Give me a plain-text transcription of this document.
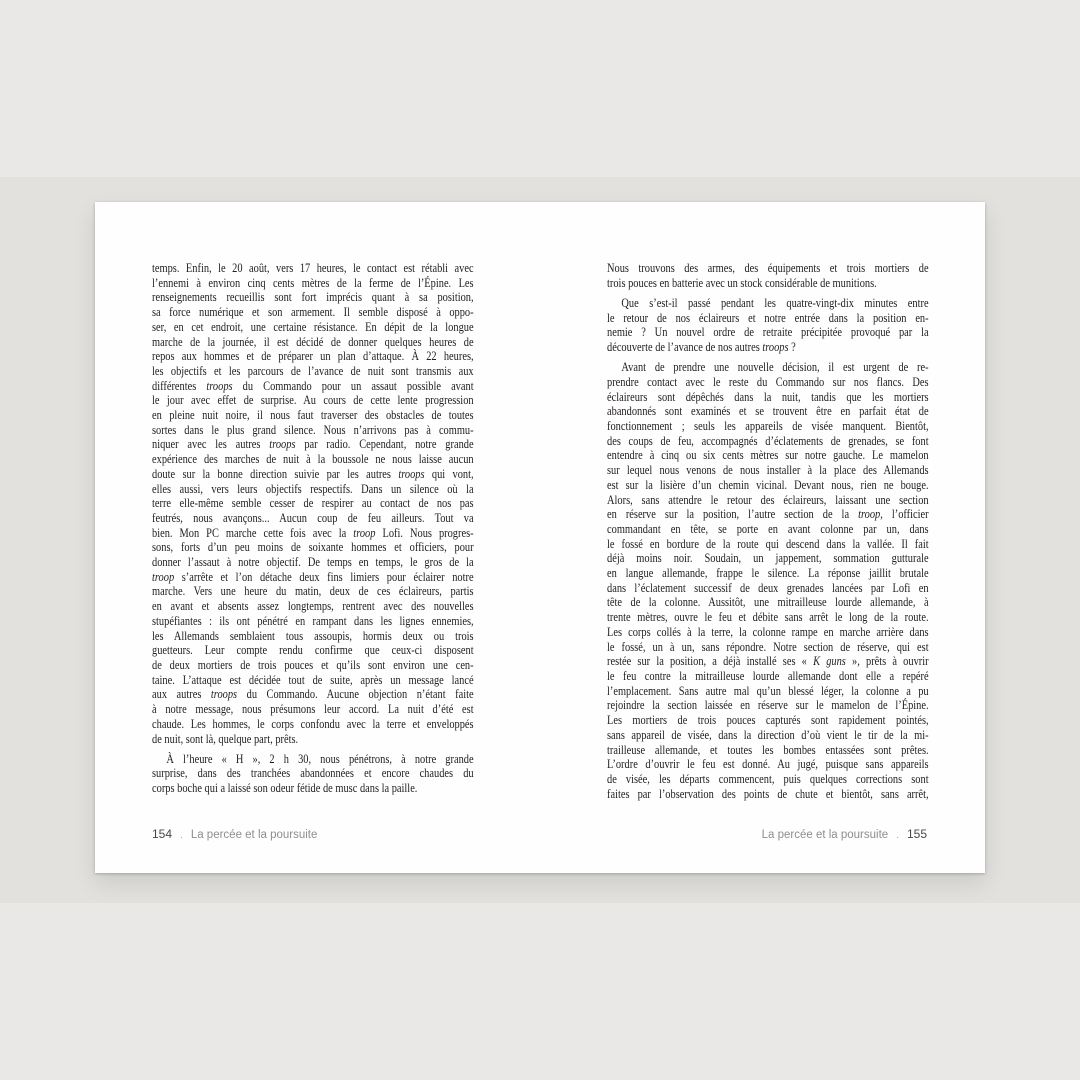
temps. Enfin, le 20 août, vers 17 heures, le contact est rétabli avec
l’ennemi à environ cinq cents mètres de la ferme de l’Épine. Les
renseignements recueillis sont fort imprécis quant à sa position,
sa force numérique et son armement. Il semble disposé à oppo-
ser, en cet endroit, une certaine résistance. En dépit de la longue
marche de la journée, il est décidé de donner quelques heures de
repos aux hommes et de préparer un plan d’attaque. À 22 heures,
les objectifs et les parcours de l’avance de nuit sont transmis aux
différentes troops du Commando pour un assaut possible avant
le jour avec effet de surprise. Au cours de cette lente progression
en pleine nuit noire, il nous faut traverser des obstacles de toutes
sortes dans le plus grand silence. Nous n’arrivons pas à commu-
niquer avec les autres troops par radio. Cependant, notre grande
expérience des marches de nuit à la boussole ne nous laisse aucun
doute sur la bonne direction suivie par les autres troops qui vont,
elles aussi, vers leurs objectifs respectifs. Dans un silence où la
terre elle-même semble cesser de respirer au contact de nos pas
feutrés, nous avançons... Aucun coup de feu ailleurs. Tout va
bien. Mon PC marche cette fois avec la troop Lofi. Nous progres-
sons, forts d’un peu moins de soixante hommes et officiers, pour
donner l’assaut à notre objectif. De temps en temps, le gros de la
troop s’arrête et l’on détache deux fins limiers pour éclairer notre
marche. Vers une heure du matin, deux de ces éclaireurs, partis
en avant et absents assez longtemps, rentrent avec des nouvelles
stupéfiantes : ils ont pénétré en rampant dans les lignes ennemies,
les Allemands semblaient tous assoupis, hormis deux ou trois
guetteurs. Leur compte rendu confirme que ceux-ci disposent
de deux mortiers de trois pouces et qu’ils sont environ une cen-
taine. L’attaque est décidée tout de suite, après un message lancé
aux autres troops du Commando. Aucune objection n’étant faite
à notre message, nous présumons leur accord. La nuit d’été est
chaude. Les hommes, le corps confondu avec la terre et enveloppés
de nuit, sont là, quelque part, prêts.
À l’heure « H », 2 h 30, nous pénétrons, à notre grande
surprise, dans des tranchées abandonnées et encore chaudes du
corps boche qui a laissé son odeur fétide de musc dans la paille.
154 . La percée et la poursuite
Nous trouvons des armes, des équipements et trois mortiers de
trois pouces en batterie avec un stock considérable de munitions.
Que s’est-il passé pendant les quatre-vingt-dix minutes entre
le retour de nos éclaireurs et notre entrée dans la position en-
nemie ? Un nouvel ordre de retraite précipitée provoqué par la
découverte de l’avance de nos autres troops ?
Avant de prendre une nouvelle décision, il est urgent de re-
prendre contact avec le reste du Commando sur nos flancs. Des
éclaireurs sont dépêchés dans la nuit, tandis que les mortiers
abandonnés sont examinés et se trouvent être en parfait état de
fonctionnement ; seuls les appareils de visée manquent. Bientôt,
des coups de feu, accompagnés d’éclatements de grenades, se font
entendre à cinq ou six cents mètres sur notre gauche. Le mamelon
sur lequel nous venons de nous installer à la place des Allemands
est sur la lisière d’un chemin vicinal. Devant nous, rien ne bouge.
Alors, sans attendre le retour des éclaireurs, laissant une section
en réserve sur la position, l’autre section de la troop, l’officier
commandant en tête, se porte en avant colonne par un, dans
le fossé en bordure de la route qui descend dans la vallée. Il fait
déjà moins noir. Soudain, un jappement, sommation gutturale
en langue allemande, frappe le silence. La réponse jaillit brutale
dans l’éclatement successif de deux grenades lancées par Lofi en
tête de la colonne. Aussitôt, une mitrailleuse lourde allemande, à
trente mètres, ouvre le feu et débite sans arrêt le long de la route.
Les corps collés à la terre, la colonne rampe en marche arrière dans
le fossé, un à un, sans répondre. Notre section de réserve, qui est
restée sur la position, a déjà installé ses « K guns », prêts à ouvrir
le feu contre la mitrailleuse lourde allemande dont elle a repéré
l’emplacement. Sans autre mal qu’un blessé léger, la colonne a pu
rejoindre la section laissée en réserve sur le mamelon de l’Épine.
Les mortiers de trois pouces capturés sont rapidement pointés,
sans appareil de visée, dans la direction d’où vient le tir de la mi-
trailleuse allemande, et toutes les bombes entassées sont prêtes.
L’ordre d’ouvrir le feu est donné. Au jugé, puisque sans appareils
de visée, les départs commencent, puis quelques corrections sont
faites par l’observation des points de chute et bientôt, sans arrêt,
La percée et la poursuite . 155
